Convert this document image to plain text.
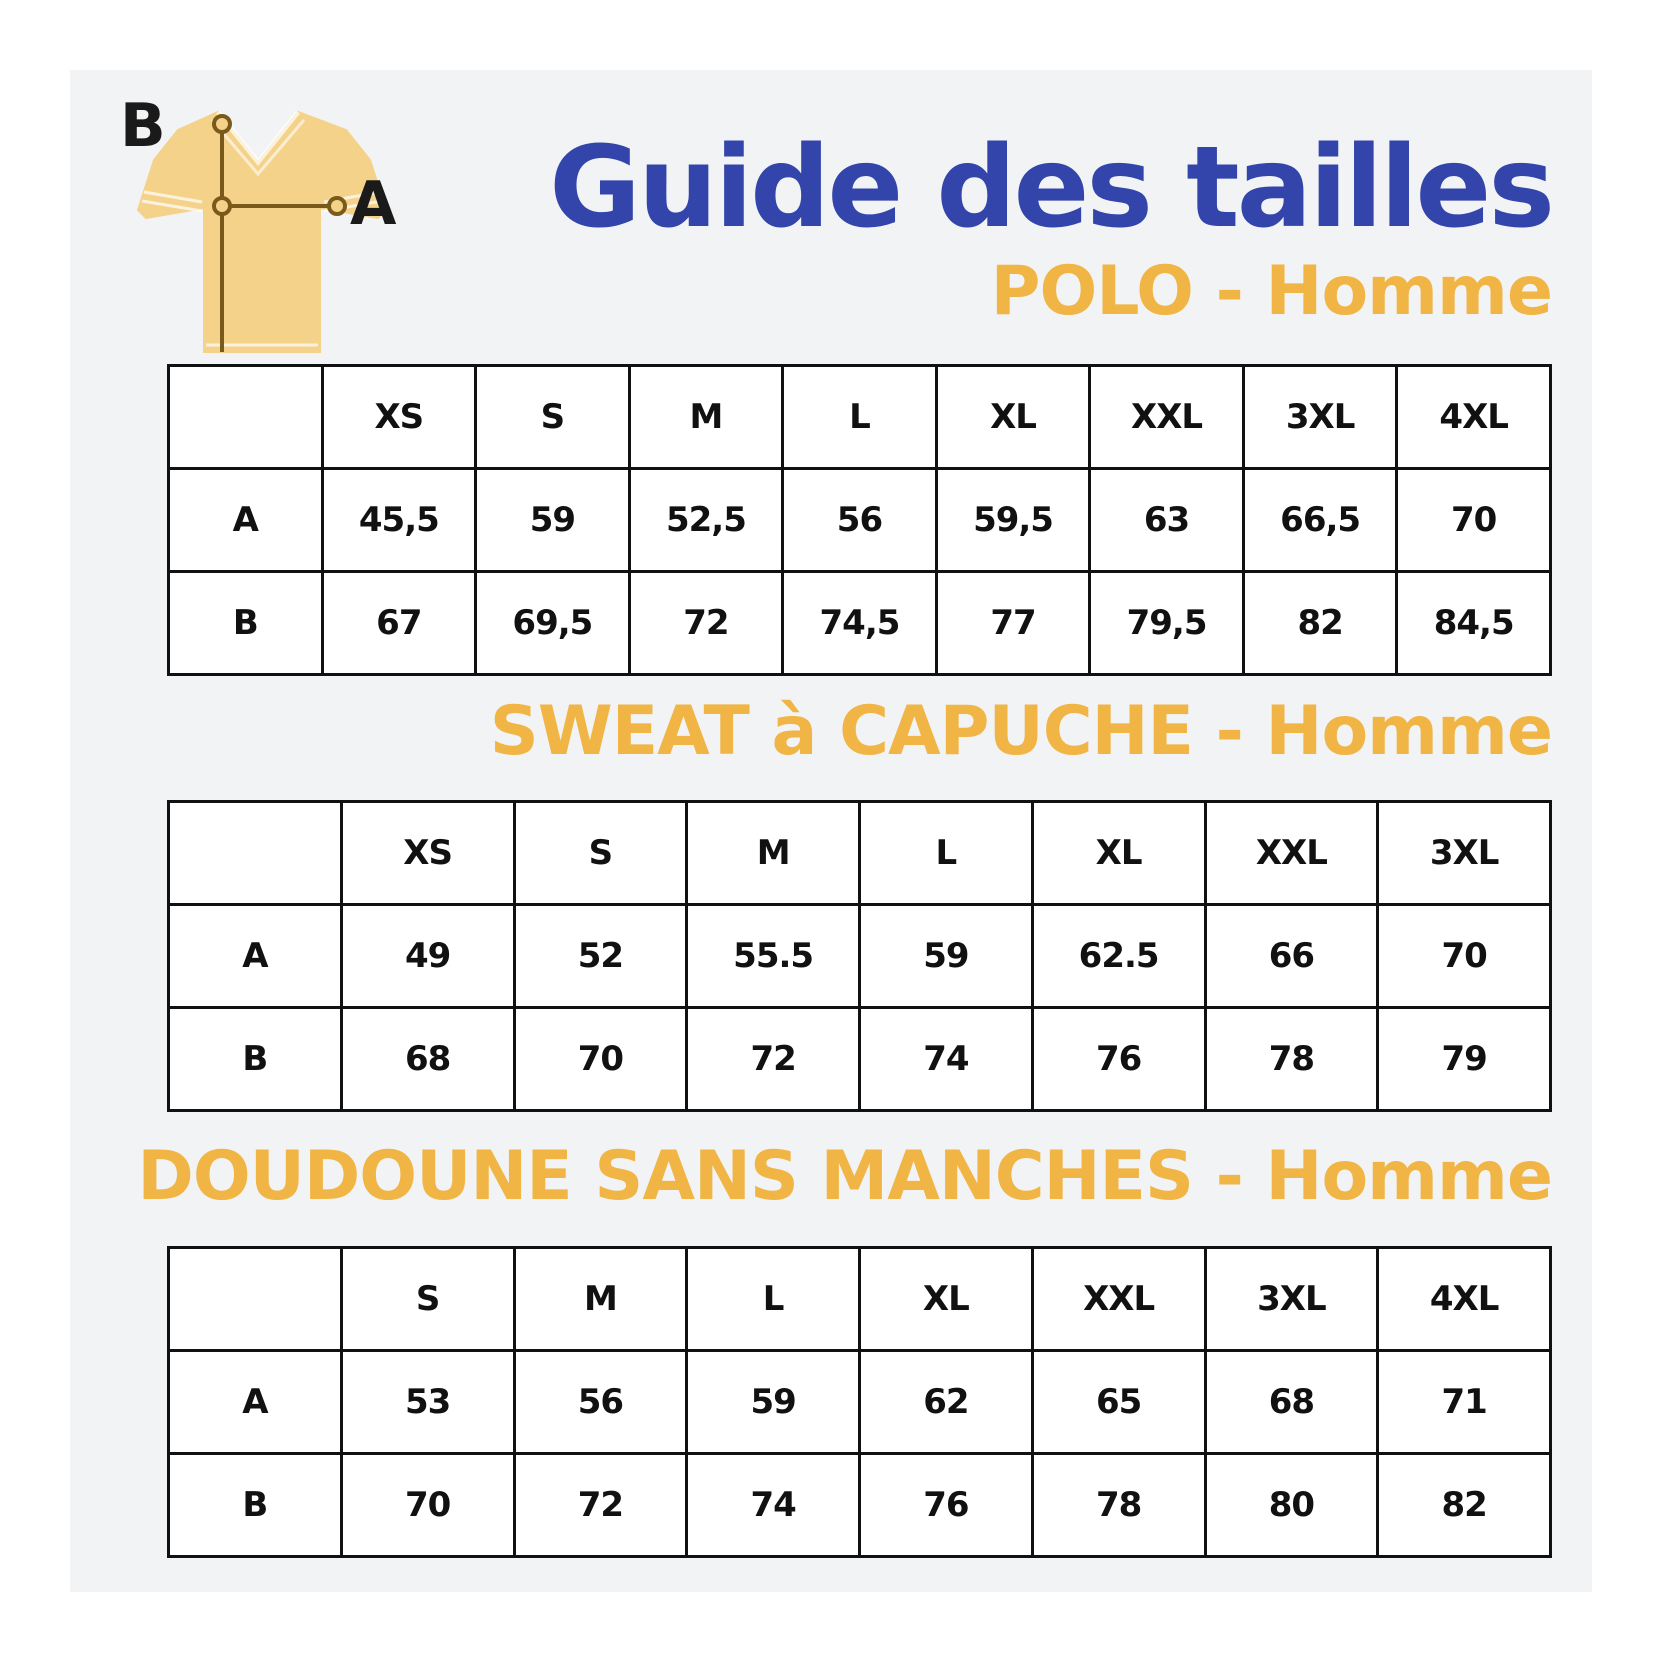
B
A Guide des tailles
POLO - Homme
	XS	S	M	L	XL	XXL	3XL	4XL
A	45,5	59	52,5	56	59,5	63	66,5	70
B	67	69,5	72	74,5	77	79,5	82	84,5
SWEAT à CAPUCHE - Homme
	XS	S	M	L	XL	XXL	3XL
A	49	52	55.5	59	62.5	66	70
B	68	70	72	74	76	78	79
DOUDOUNE SANS MANCHES - Homme
	S	M	L	XL	XXL	3XL	4XL
A	53	56	59	62	65	68	71
B	70	72	74	76	78	80	82
